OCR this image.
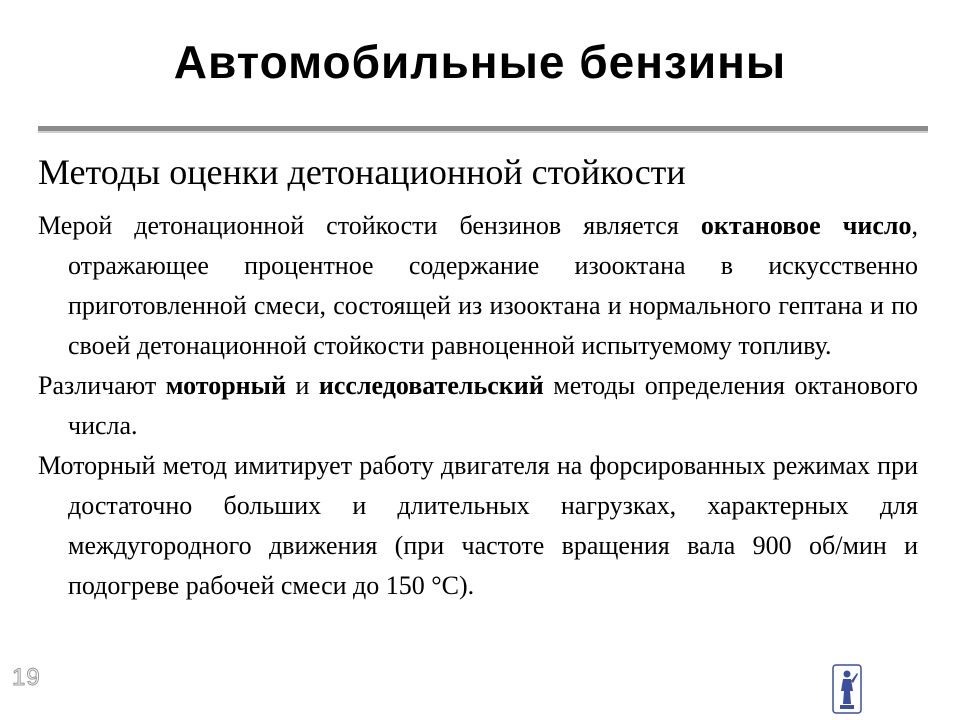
Автомобильные бензины
Методы оценки детонационной стойкости

Мерой детонационной стойкости бензинов является октановое число, отражающее процентное содержание изооктана в искусственно приготовленной смеси, состоящей из изооктана и нормального гептана и по своей детонационной стойкости равноценной испытуемому топливу.

Различают моторный и исследовательский методы определения октанового числа.

Моторный метод имитирует работу двигателя на форсированных режимах при достаточно больших и длительных нагрузках, характерных для междугородного движения (при частоте вращения вала 900 об/мин и подогреве рабочей смеси до 150 °С).

19
